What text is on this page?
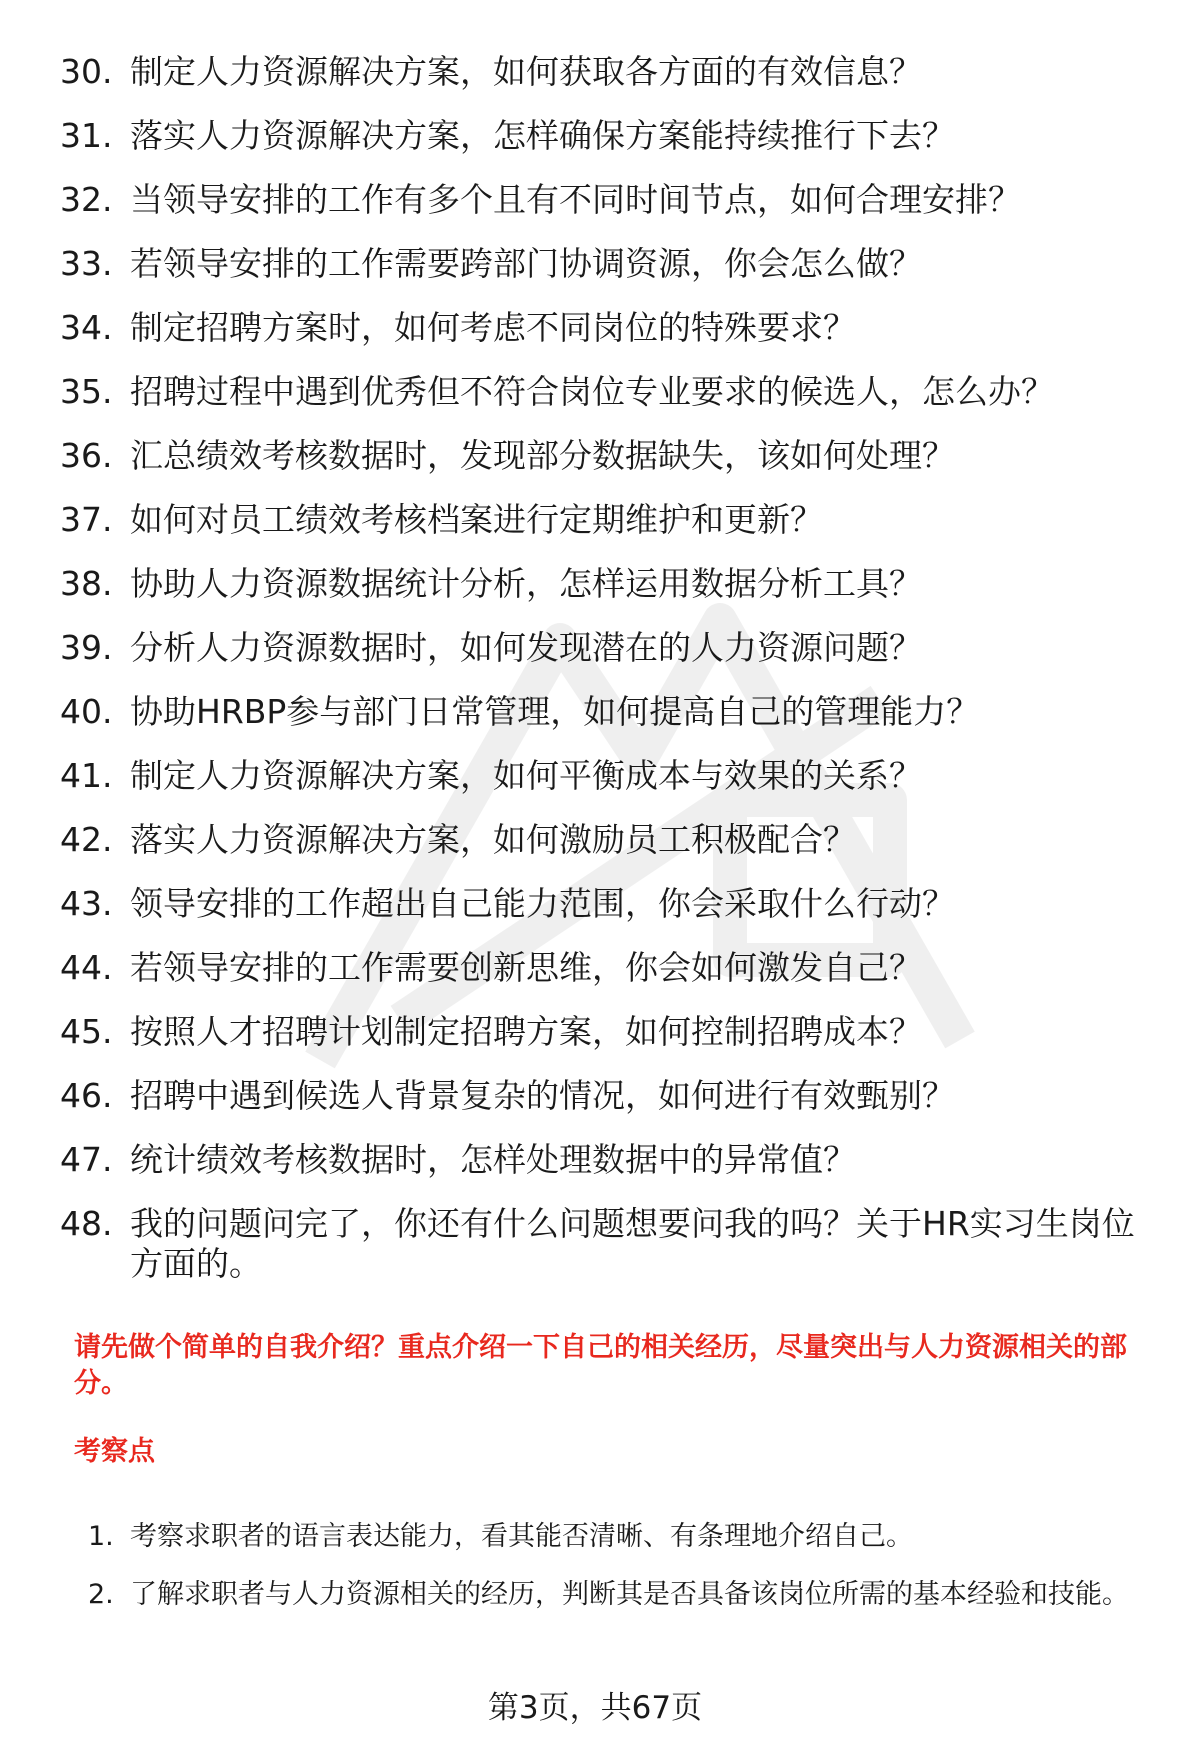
30. 制定人力资源解决方案，如何获取各方面的有效信息？
31. 落实人力资源解决方案，怎样确保方案能持续推行下去？
32. 当领导安排的工作有多个且有不同时间节点，如何合理安排？
33. 若领导安排的工作需要跨部门协调资源，你会怎么做？
34. 制定招聘方案时，如何考虑不同岗位的特殊要求？
35. 招聘过程中遇到优秀但不符合岗位专业要求的候选人，怎么办？
36. 汇总绩效考核数据时，发现部分数据缺失，该如何处理？
37. 如何对员工绩效考核档案进行定期维护和更新？
38. 协助人力资源数据统计分析，怎样运用数据分析工具？
39. 分析人力资源数据时，如何发现潜在的人力资源问题？
40. 协助HRBP参与部门日常管理，如何提高自己的管理能力？
41. 制定人力资源解决方案，如何平衡成本与效果的关系？
42. 落实人力资源解决方案，如何激励员工积极配合？
43. 领导安排的工作超出自己能力范围，你会采取什么行动？
44. 若领导安排的工作需要创新思维，你会如何激发自己？
45. 按照人才招聘计划制定招聘方案，如何控制招聘成本？
46. 招聘中遇到候选人背景复杂的情况，如何进行有效甄别？
47. 统计绩效考核数据时，怎样处理数据中的异常值？
48. 我的问题问完了，你还有什么问题想要问我的吗？关于HR实习生岗位方面的。
请先做个简单的自我介绍？重点介绍一下自己的相关经历，尽量突出与人力资源相关的部分。
考察点
1. 考察求职者的语言表达能力，看其能否清晰、有条理地介绍自己。
2. 了解求职者与人力资源相关的经历，判断其是否具备该岗位所需的基本经验和技能。
第3页，共67页
